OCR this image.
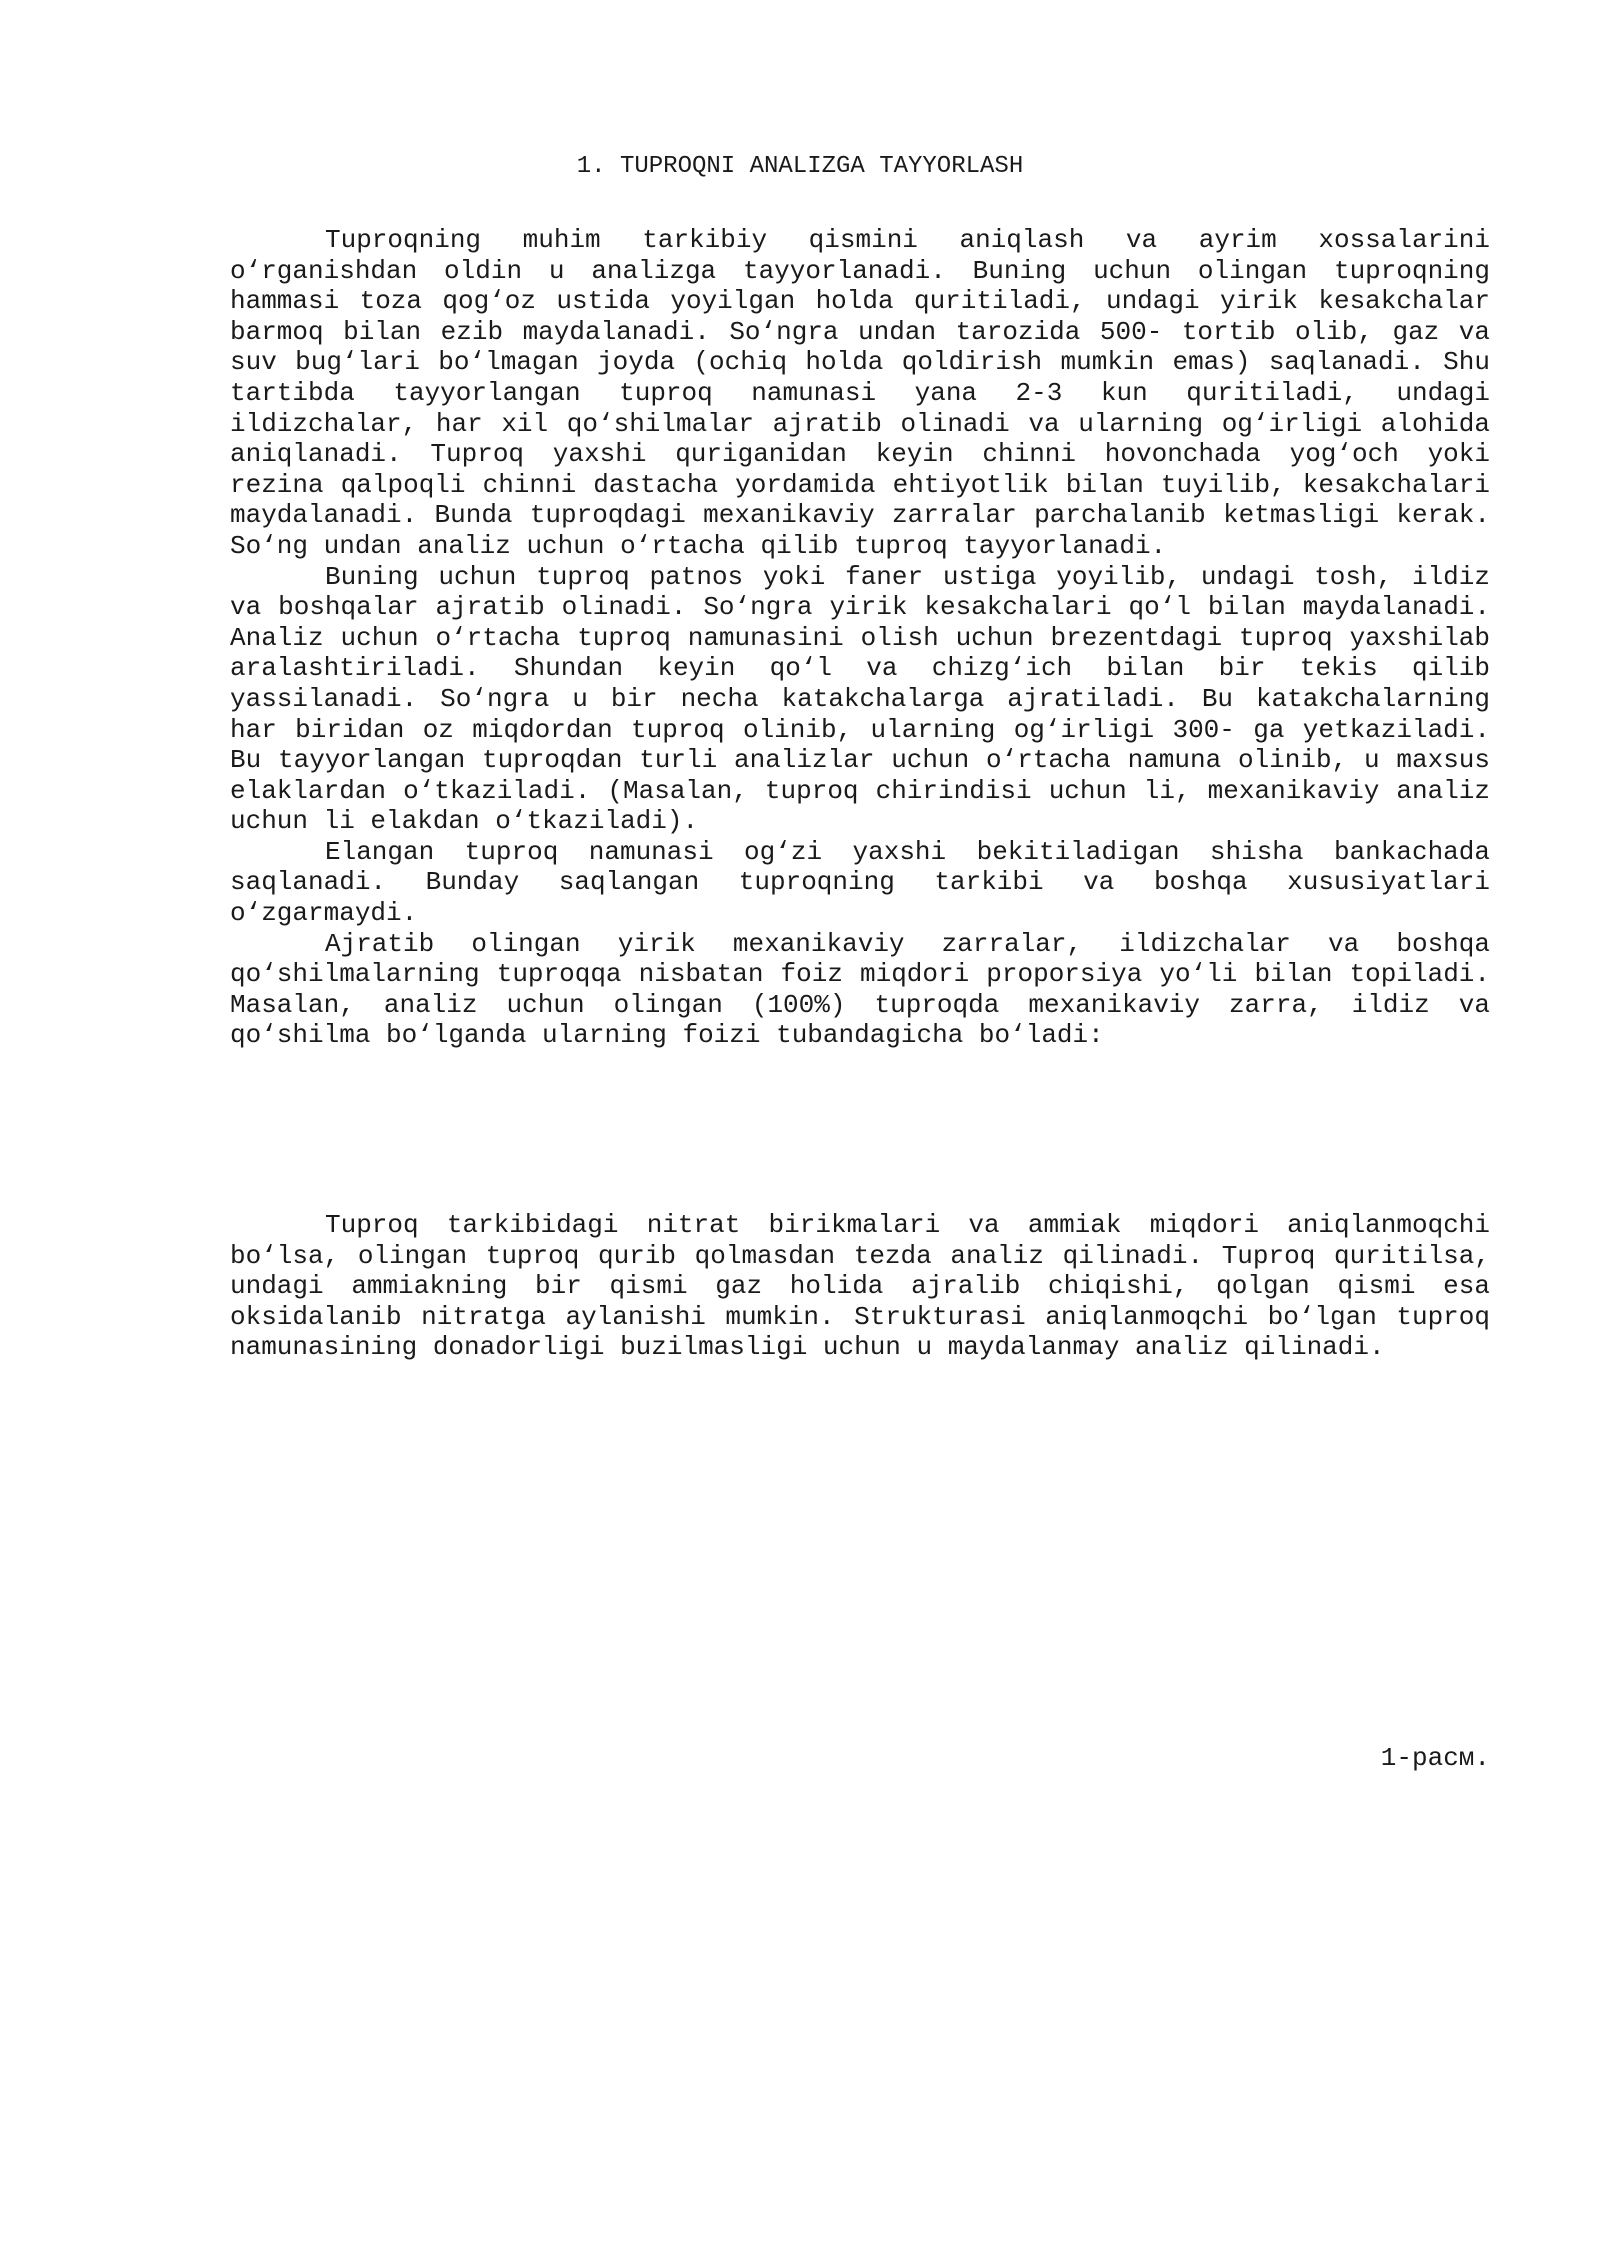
1. TUPROQNI ANALIZGA TAYYORLASH

Tuproqning muhim tarkibiy qismini aniqlash va ayrim xossalarini o‘rganishdan oldin u analizga tayyorlanadi. Buning uchun olingan tuproqning hammasi toza qog‘oz ustida yoyilgan holda quritiladi, undagi yirik kesakchalar barmoq bilan ezib maydalanadi. So‘ngra undan tarozida 500- tortib olib, gaz va suv bug‘lari bo‘lmagan joyda (ochiq holda qoldirish mumkin emas) saqlanadi. Shu tartibda tayyorlangan tuproq namunasi yana 2-3 kun quritiladi, undagi ildizchalar, har xil qo‘shilmalar ajratib olinadi va ularning og‘irligi alohida aniqlanadi. Tuproq yaxshi quriganidan keyin chinni hovonchada yog‘och yoki rezina qalpoqli chinni dastacha yordamida ehtiyotlik bilan tuyilib, kesakchalari maydalanadi. Bunda tuproqdagi mexanikaviy zarralar parchalanib ketmasligi kerak. So‘ng undan analiz uchun o‘rtacha qilib tuproq tayyorlanadi.

Buning uchun tuproq patnos yoki faner ustiga yoyilib, undagi tosh, ildiz va boshqalar ajratib olinadi. So‘ngra yirik kesakchalari qo‘l bilan maydalanadi. Analiz uchun o‘rtacha tuproq namunasini olish uchun brezentdagi tuproq yaxshilab aralashtiriladi. Shundan keyin qo‘l va chizg‘ich bilan bir tekis qilib yassilanadi. So‘ngra u bir necha katakchalarga ajratiladi. Bu katakchalarning har biridan oz miqdordan tuproq olinib, ularning og‘irligi 300- ga yetkaziladi. Bu tayyorlangan tuproqdan turli analizlar uchun o‘rtacha namuna olinib, u maxsus elaklardan o‘tkaziladi. (Masalan, tuproq chirindisi uchun li, mexanikaviy analiz uchun li elakdan o‘tkaziladi).

Elangan tuproq namunasi og‘zi yaxshi bekitiladigan shisha bankachada saqlanadi. Bunday saqlangan tuproqning tarkibi va boshqa xususiyatlari o‘zgarmaydi.

Ajratib olingan yirik mexanikaviy zarralar, ildizchalar va boshqa qo‘shilmalarning tuproqqa nisbatan foiz miqdori proporsiya yo‘li bilan topiladi. Masalan, analiz uchun olingan (100%) tuproqda mexanikaviy zarra, ildiz va qo‘shilma bo‘lganda ularning foizi tubandagicha bo‘ladi:

Tuproq tarkibidagi nitrat birikmalari va ammiak miqdori aniqlanmoqchi bo‘lsa, olingan tuproq qurib qolmasdan tezda analiz qilinadi. Tuproq quritilsa, undagi ammiakning bir qismi gaz holida ajralib chiqishi, qolgan qismi esa oksidalanib nitratga aylanishi mumkin. Strukturasi aniqlanmoqchi bo‘lgan tuproq namunasining donadorligi buzilmasligi uchun u maydalanmay analiz qilinadi.

1-расм.
